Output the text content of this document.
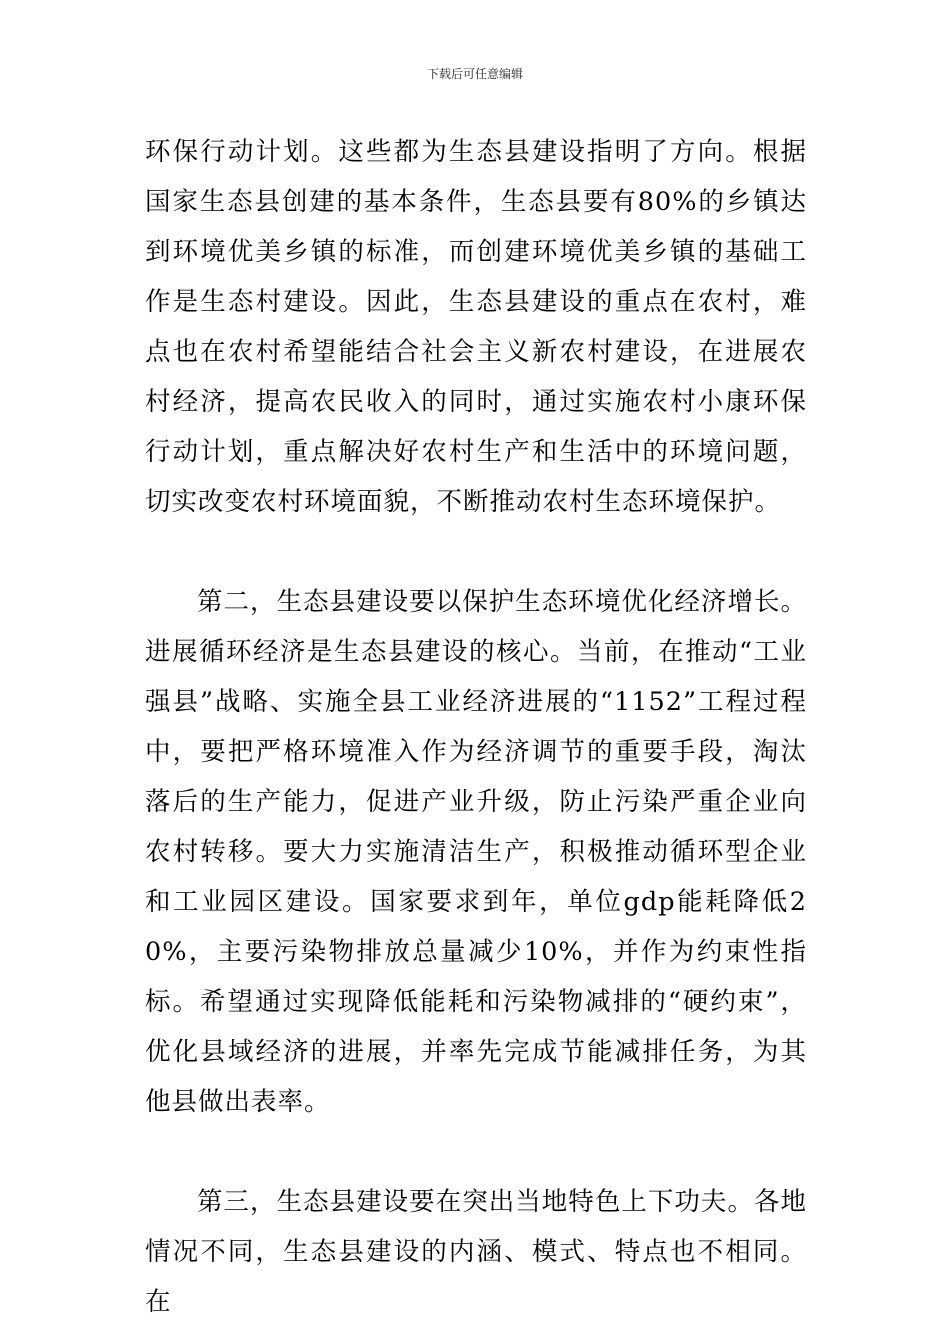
下载后可任意编辑

环保行动计划。这些都为生态县建设指明了方向。根据国家生态县创建的基本条件，生态县要有80%的乡镇达到环境优美乡镇的标准，而创建环境优美乡镇的基础工作是生态村建设。因此，生态县建设的重点在农村，难点也在农村希望能结合社会主义新农村建设，在进展农村经济，提高农民收入的同时，通过实施农村小康环保行动计划，重点解决好农村生产和生活中的环境问题，切实改变农村环境面貌，不断推动农村生态环境保护。

第二，生态县建设要以保护生态环境优化经济增长。进展循环经济是生态县建设的核心。当前，在推动“工业强县”战略、实施全县工业经济进展的“1152”工程过程中，要把严格环境准入作为经济调节的重要手段，淘汰落后的生产能力，促进产业升级，防止污染严重企业向农村转移。要大力实施清洁生产，积极推动循环型企业和工业园区建设。国家要求到年，单位gdp能耗降低20%，主要污染物排放总量减少10%，并作为约束性指标。希望通过实现降低能耗和污染物减排的“硬约束”，优化县域经济的进展，并率先完成节能减排任务，为其他县做出表率。

第三，生态县建设要在突出当地特色上下功夫。各地情况不同，生态县建设的内涵、模式、特点也不相同。在
